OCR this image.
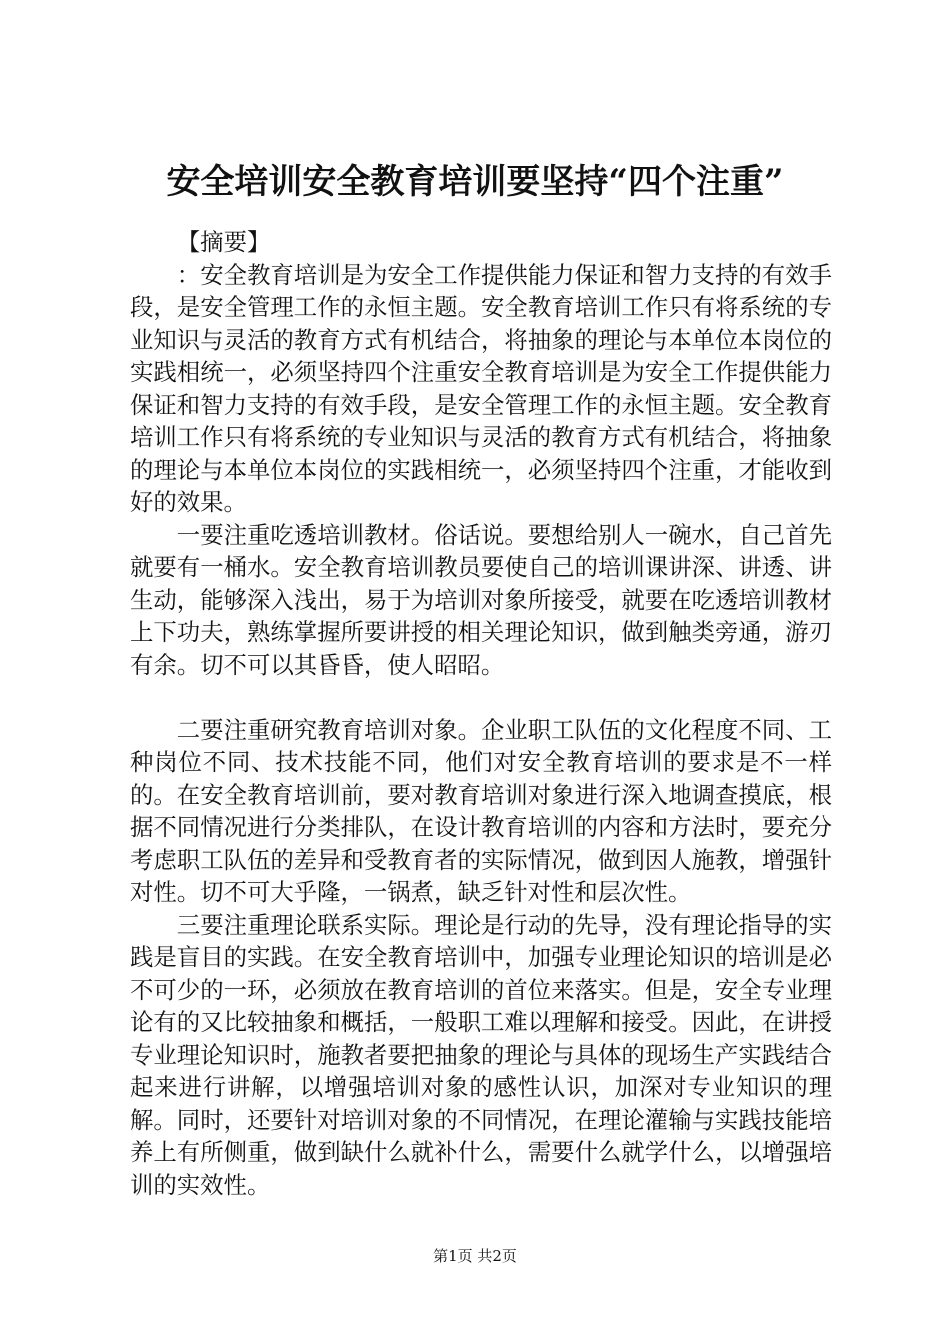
安全培训安全教育培训要坚持“四个注重”

【摘要】

：安全教育培训是为安全工作提供能力保证和智力支持的有效手段，是安全管理工作的永恒主题。安全教育培训工作只有将系统的专业知识与灵活的教育方式有机结合，将抽象的理论与本单位本岗位的实践相统一，必须坚持四个注重安全教育培训是为安全工作提供能力保证和智力支持的有效手段，是安全管理工作的永恒主题。安全教育培训工作只有将系统的专业知识与灵活的教育方式有机结合，将抽象的理论与本单位本岗位的实践相统一，必须坚持四个注重，才能收到好的效果。

一要注重吃透培训教材。俗话说。要想给别人一碗水，自己首先就要有一桶水。安全教育培训教员要使自己的培训课讲深、讲透、讲生动，能够深入浅出，易于为培训对象所接受，就要在吃透培训教材上下功夫，熟练掌握所要讲授的相关理论知识，做到触类旁通，游刃有余。切不可以其昏昏，使人昭昭。

二要注重研究教育培训对象。企业职工队伍的文化程度不同、工种岗位不同、技术技能不同，他们对安全教育培训的要求是不一样的。在安全教育培训前，要对教育培训对象进行深入地调查摸底，根据不同情况进行分类排队，在设计教育培训的内容和方法时，要充分考虑职工队伍的差异和受教育者的实际情况，做到因人施教，增强针对性。切不可大乎隆，一锅煮，缺乏针对性和层次性。

三要注重理论联系实际。理论是行动的先导，没有理论指导的实践是盲目的实践。在安全教育培训中，加强专业理论知识的培训是必不可少的一环，必须放在教育培训的首位来落实。但是，安全专业理论有的又比较抽象和概括，一般职工难以理解和接受。因此，在讲授专业理论知识时，施教者要把抽象的理论与具体的现场生产实践结合起来进行讲解，以增强培训对象的感性认识，加深对专业知识的理解。同时，还要针对培训对象的不同情况，在理论灌输与实践技能培养上有所侧重，做到缺什么就补什么，需要什么就学什么，以增强培训的实效性。

第1页 共2页
